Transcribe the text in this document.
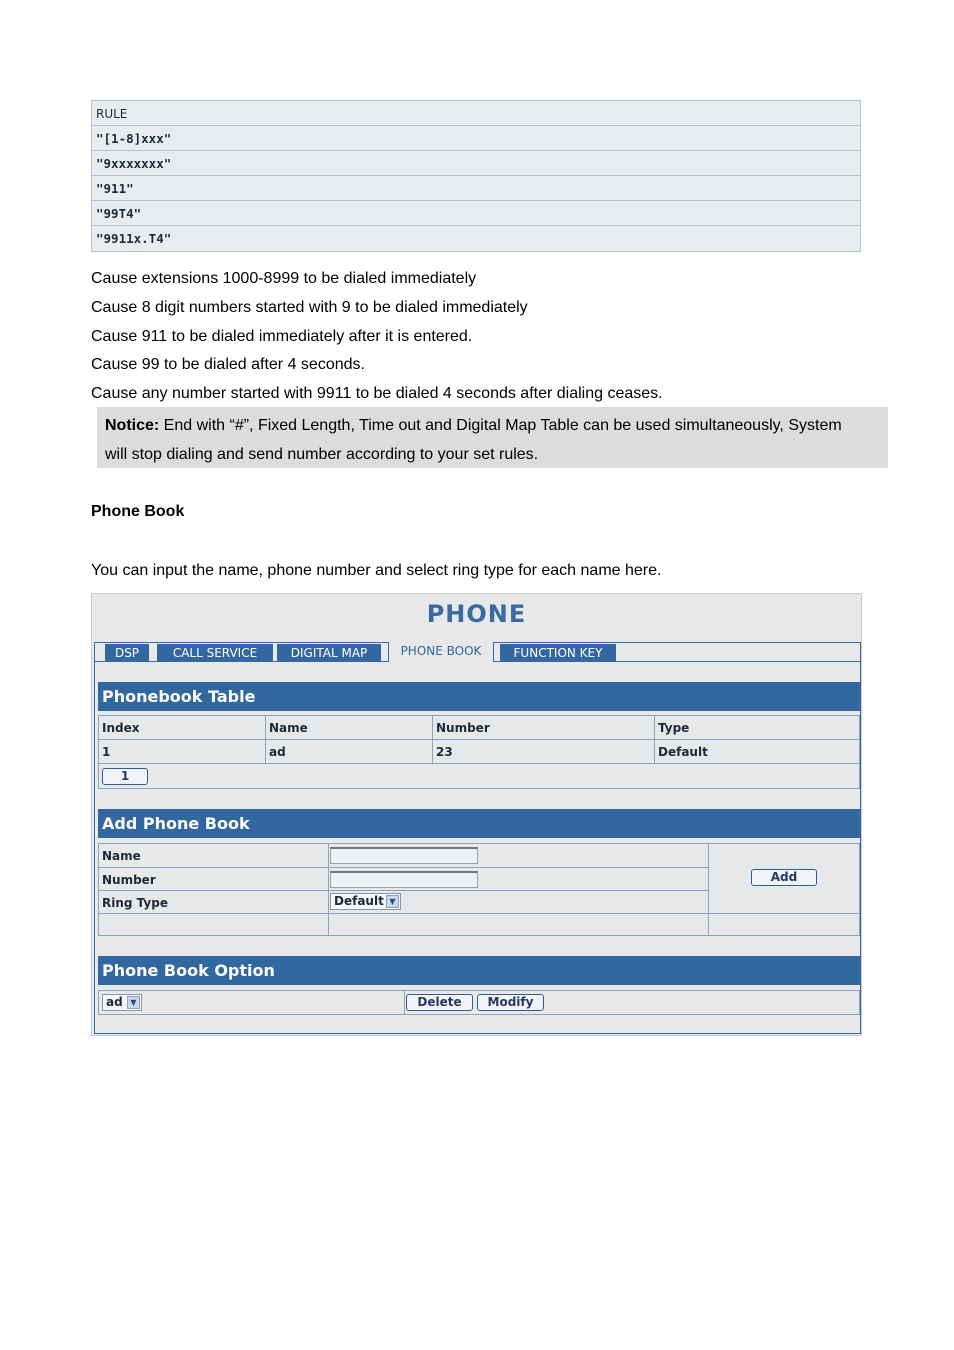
RULE
"[1-8]xxx"
"9xxxxxxx"
"911"
"99T4"
"9911x.T4"
Cause extensions 1000-8999 to be dialed immediately
Cause 8 digit numbers started with 9 to be dialed immediately
Cause 911 to be dialed immediately after it is entered.
Cause 99 to be dialed after 4 seconds.
Cause any number started with 9911 to be dialed 4 seconds after dialing ceases.
Notice: End with “#”, Fixed Length, Time out and Digital Map Table can be used simultaneously, System
will stop dialing and send number according to your set rules.
Phone Book
You can input the name, phone number and select ring type for each name here.
PHONE
DSP	CALL SERVICE	DIGITAL MAP	PHONE BOOK	FUNCTION KEY
Phonebook Table
Index	Name	Number	Type
1	ad	23	Default
1
Add Phone Book
Name
Number
Ring Type	Default ▼
Add
Phone Book Option
ad ▼	Delete	Modify
